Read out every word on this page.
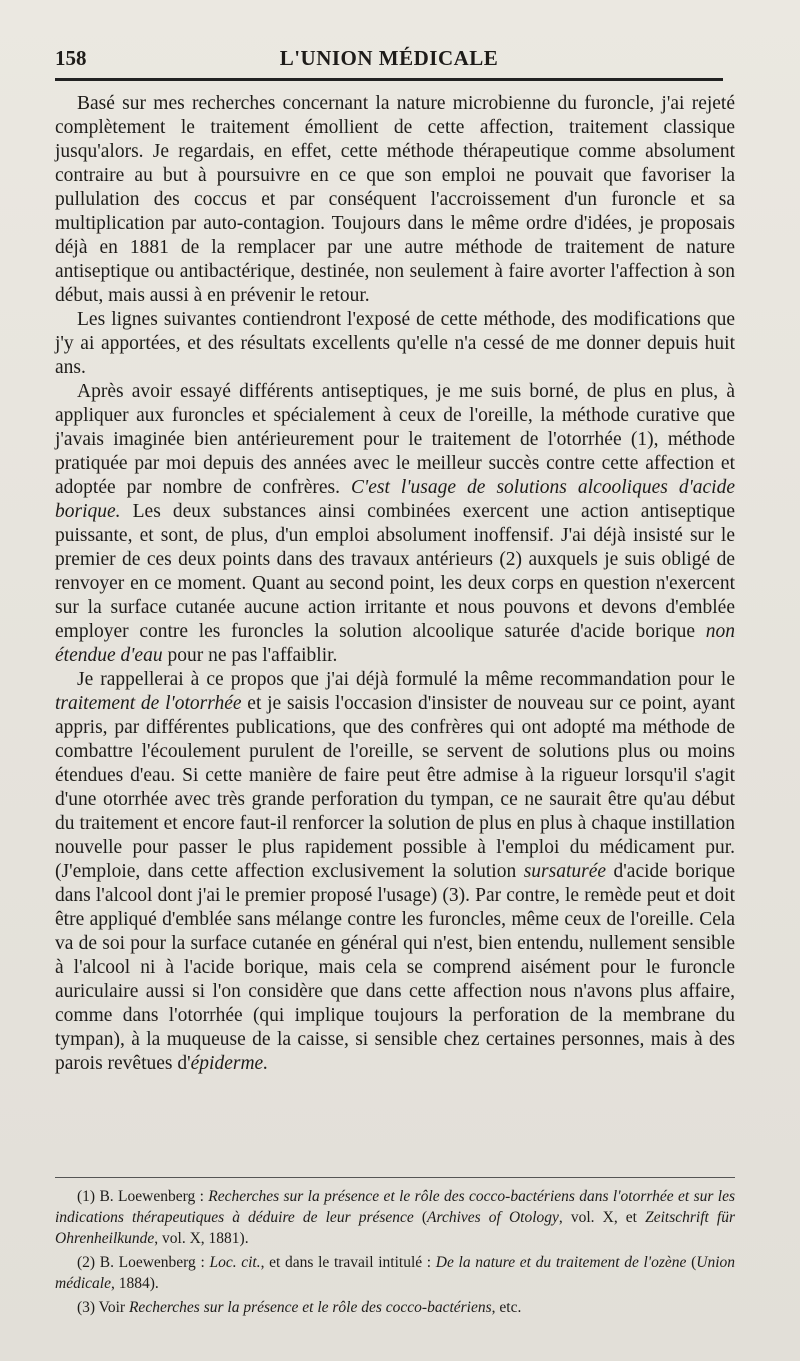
158	L'UNION MÉDICALE

Basé sur mes recherches concernant la nature microbienne du furoncle, j'ai rejeté complètement le traitement émollient de cette affection, traitement classique jusqu'alors. Je regardais, en effet, cette méthode thérapeutique comme absolument contraire au but à poursuivre en ce que son emploi ne pouvait que favoriser la pullulation des coccus et par conséquent l'accroissement d'un furoncle et sa multiplication par auto-contagion. Toujours dans le même ordre d'idées, je proposais déjà en 1881 de la remplacer par une autre méthode de traitement de nature antiseptique ou antibactérique, destinée, non seulement à faire avorter l'affection à son début, mais aussi à en prévenir le retour.

Les lignes suivantes contiendront l'exposé de cette méthode, des modifications que j'y ai apportées, et des résultats excellents qu'elle n'a cessé de me donner depuis huit ans.

Après avoir essayé différents antiseptiques, je me suis borné, de plus en plus, à appliquer aux furoncles et spécialement à ceux de l'oreille, la méthode curative que j'avais imaginée bien antérieurement pour le traitement de l'otorrhée (1), méthode pratiquée par moi depuis des années avec le meilleur succès contre cette affection et adoptée par nombre de confrères. C'est l'usage de solutions alcooliques d'acide borique. Les deux substances ainsi combinées exercent une action antiseptique puissante, et sont, de plus, d'un emploi absolument inoffensif. J'ai déjà insisté sur le premier de ces deux points dans des travaux antérieurs (2) auxquels je suis obligé de renvoyer en ce moment. Quant au second point, les deux corps en question n'exercent sur la surface cutanée aucune action irritante et nous pouvons et devons d'emblée employer contre les furoncles la solution alcoolique saturée d'acide borique non étendue d'eau pour ne pas l'affaiblir.

Je rappellerai à ce propos que j'ai déjà formulé la même recommandation pour le traitement de l'otorrhée et je saisis l'occasion d'insister de nouveau sur ce point, ayant appris, par différentes publications, que des confrères qui ont adopté ma méthode de combattre l'écoulement purulent de l'oreille, se servent de solutions plus ou moins étendues d'eau. Si cette manière de faire peut être admise à la rigueur lorsqu'il s'agit d'une otorrhée avec très grande perforation du tympan, ce ne saurait être qu'au début du traitement et encore faut-il renforcer la solution de plus en plus à chaque instillation nouvelle pour passer le plus rapidement possible à l'emploi du médicament pur. (J'emploie, dans cette affection exclusivement la solution sursaturée d'acide borique dans l'alcool dont j'ai le premier proposé l'usage) (3). Par contre, le remède peut et doit être appliqué d'emblée sans mélange contre les furoncles, même ceux de l'oreille. Cela va de soi pour la surface cutanée en général qui n'est, bien entendu, nullement sensible à l'alcool ni à l'acide borique, mais cela se comprend aisément pour le furoncle auriculaire aussi si l'on considère que dans cette affection nous n'avons plus affaire, comme dans l'otorrhée (qui implique toujours la perforation de la membrane du tympan), à la muqueuse de la caisse, si sensible chez certaines personnes, mais à des parois revêtues d'épiderme.

(1) B. Loewenberg : Recherches sur la présence et le rôle des cocco-bactériens dans l'otorrhée et sur les indications thérapeutiques à déduire de leur présence (Archives of Otology, vol. X, et Zeitschrift für Ohrenheilkunde, vol. X, 1881).

(2) B. Loewenberg : Loc. cit., et dans le travail intitulé : De la nature et du traitement de l'ozène (Union médicale, 1884).

(3) Voir Recherches sur la présence et le rôle des cocco-bactériens, etc.
